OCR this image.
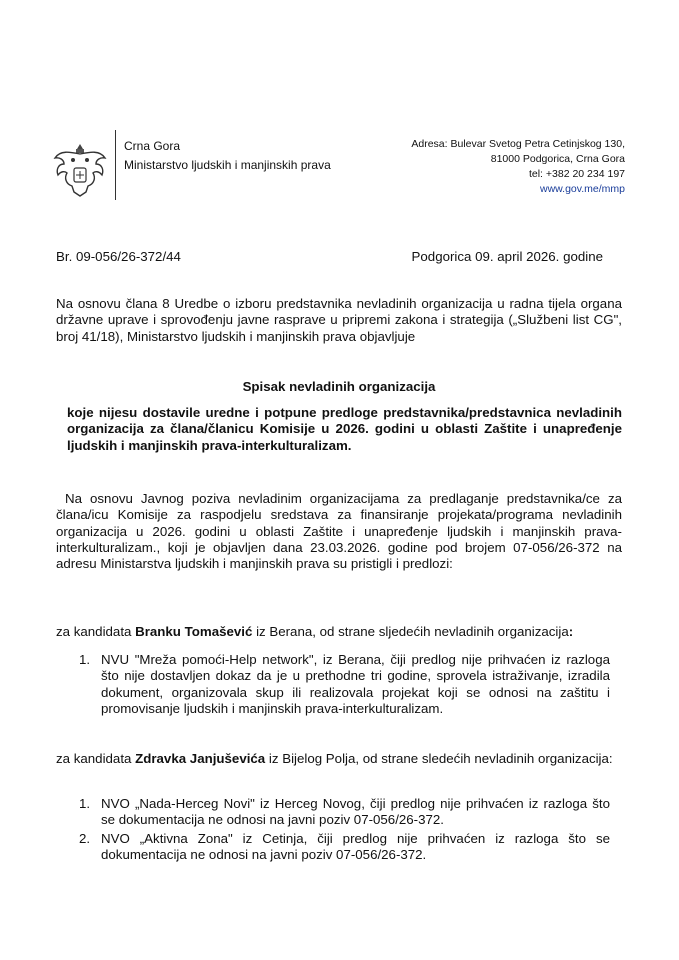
Crna Gora
Ministarstvo ljudskih i manjinskih prava
Adresa: Bulevar Svetog Petra Cetinjskog 130,
81000 Podgorica, Crna Gora
tel: +382 20 234 197
www.gov.me/mmp
Br. 09-056/26-372/44	Podgorica 09. april 2026. godine
Na osnovu člana 8 Uredbe o izboru predstavnika nevladinih organizacija u radna tijela organa državne uprave i sprovođenju javne rasprave u pripremi zakona i strategija („Službeni list CG", broj 41/18), Ministarstvo ljudskih i manjinskih prava objavljuje
Spisak nevladinih organizacija
koje nijesu dostavile uredne i potpune predloge predstavnika/predstavnica nevladinih organizacija za člana/članicu Komisije u 2026. godini u oblasti Zaštite i unapređenje ljudskih i manjinskih prava-interkulturalizam.
Na osnovu Javnog poziva nevladinim organizacijama za predlaganje predstavnika/ce za člana/icu Komisije za raspodjelu sredstava za finansiranje projekata/programa nevladinih organizacija u 2026. godini u oblasti Zaštite i unapređenje ljudskih i manjinskih prava-interkulturalizam., koji je objavljen dana 23.03.2026. godine pod brojem 07-056/26-372 na adresu Ministarstva ljudskih i manjinskih prava su pristigli i predlozi:
za kandidata Branku Tomašević iz Berana, od strane sljedećih nevladinih organizacija:
1. NVU "Mreža pomoći-Help network", iz Berana, čiji predlog nije prihvaćen iz razloga što nije dostavljen dokaz da je u prethodne tri godine, sprovela istraživanje, izradila dokument, organizovala skup ili realizovala projekat koji se odnosi na zaštitu i promovisanje ljudskih i manjinskih prava-interkulturalizam.
za kandidata Zdravka Janjuševića iz Bijelog Polja, od strane sledećih nevladinih organizacija:
1. NVO „Nada-Herceg Novi" iz Herceg Novog, čiji predlog nije prihvaćen iz razloga što se dokumentacija ne odnosi na javni poziv 07-056/26-372.
2. NVO „Aktivna Zona" iz Cetinja, čiji predlog nije prihvaćen iz razloga što se dokumentacija ne odnosi na javni poziv 07-056/26-372.
